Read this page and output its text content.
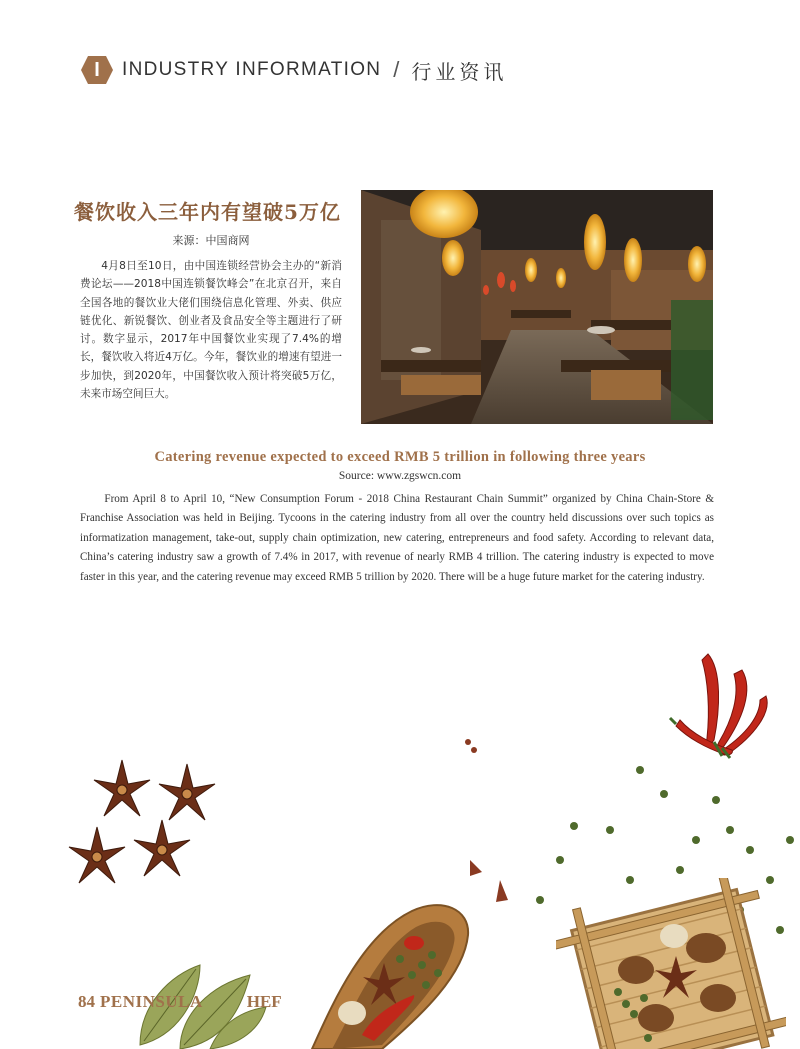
I	INDUSTRY INFORMATION / 行业资讯
餐饮收入三年内有望破5万亿
来源：中国商网
4月8日至10日，由中国连锁经营协会主办的“新消费论坛——2018中国连锁餐饮峰会”在北京召开，来自全国各地的餐饮业大佬们围绕信息化管理、外卖、供应链优化、新锐餐饮、创业者及食品安全等主题进行了研讨。数字显示，2017年中国餐饮业实现了7.4%的增长，餐饮收入将近4万亿。今年，餐饮业的增速有望进一步加快，到2020年，中国餐饮收入预计将突破5万亿，未来市场空间巨大。
Catering revenue expected to exceed RMB 5 trillion in following three years
Source: www.zgswcn.com
From April 8 to April 10, “New Consumption Forum - 2018 China Restaurant Chain Summit” organized by China Chain-Store & Franchise Association was held in Beijing. Tycoons in the catering industry from all over the country held discussions over such topics as informatization management, take-out, supply chain optimization, new catering, entrepreneurs and food safety. According to relevant data, China’s catering industry saw a growth of 7.4% in 2017, with revenue of nearly RMB 4 trillion. The catering industry is expected to move faster in this year, and the catering revenue may exceed RMB 5 trillion by 2020. There will be a huge future market for the catering industry.
84 PENINSULA	HEF
